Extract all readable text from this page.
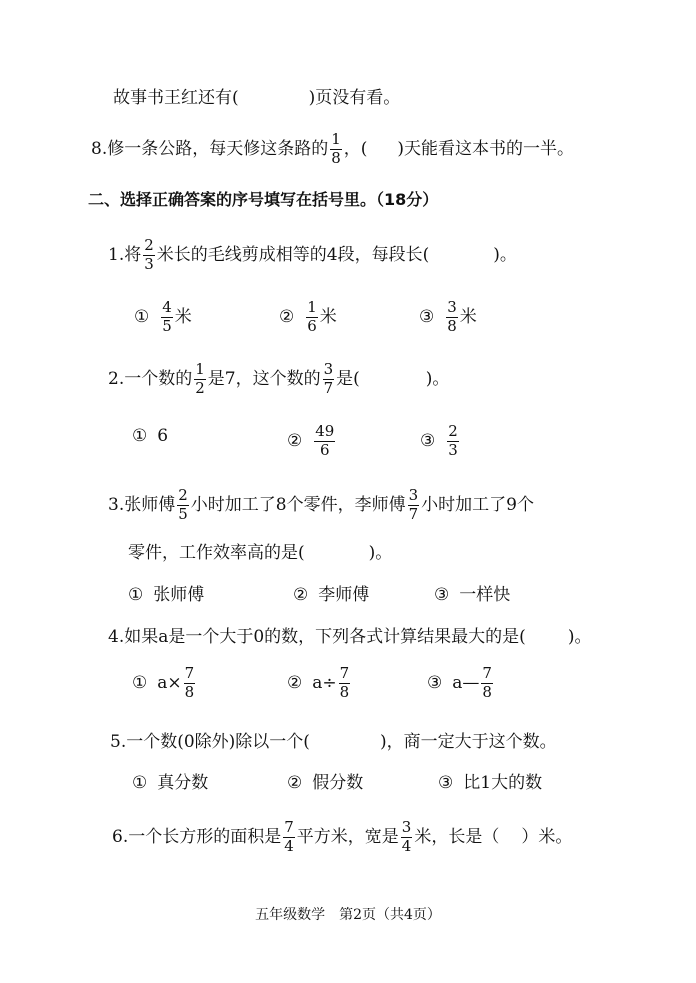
故事书王红还有(	)页没有看。
8.修一条公路，每天修这条路的 $\frac{1}{8}$ ，( )天能看这本书的一半。
二、选择正确答案的序号填写在括号里。（18分）
1.将 $\frac{2}{3}$ 米长的毛线剪成相等的4段，每段长(	)。
① $\frac{4}{5}$ 米	② $\frac{1}{6}$ 米	③ $\frac{3}{8}$ 米
2.一个数的 $\frac{1}{2}$ 是7，这个数的 $\frac{3}{7}$ 是(	)。
① 6	② $\frac{49}{6}$	③ $\frac{2}{3}$
3.张师傅 $\frac{2}{5}$ 小时加工了8个零件，李师傅 $\frac{3}{7}$ 小时加工了9个
零件，工作效率高的是(	)。
① 张师傅	② 李师傅	③ 一样快
4.如果a是一个大于0的数，下列各式计算结果最大的是( )。
① $a\times \frac{7}{8}$	② $a\div \frac{7}{8}$	③ a— $\frac{7}{8}$
5.一个数(0除外)除以一个(	)，商一定大于这个数。
① 真分数	② 假分数	③ 比1大的数
6.一个长方形的面积是 $\frac{7}{4}$ 平方米，宽是 $\frac{3}{4}$ 米，长是（ ）米。
五年级数学　第2页（共4页）
